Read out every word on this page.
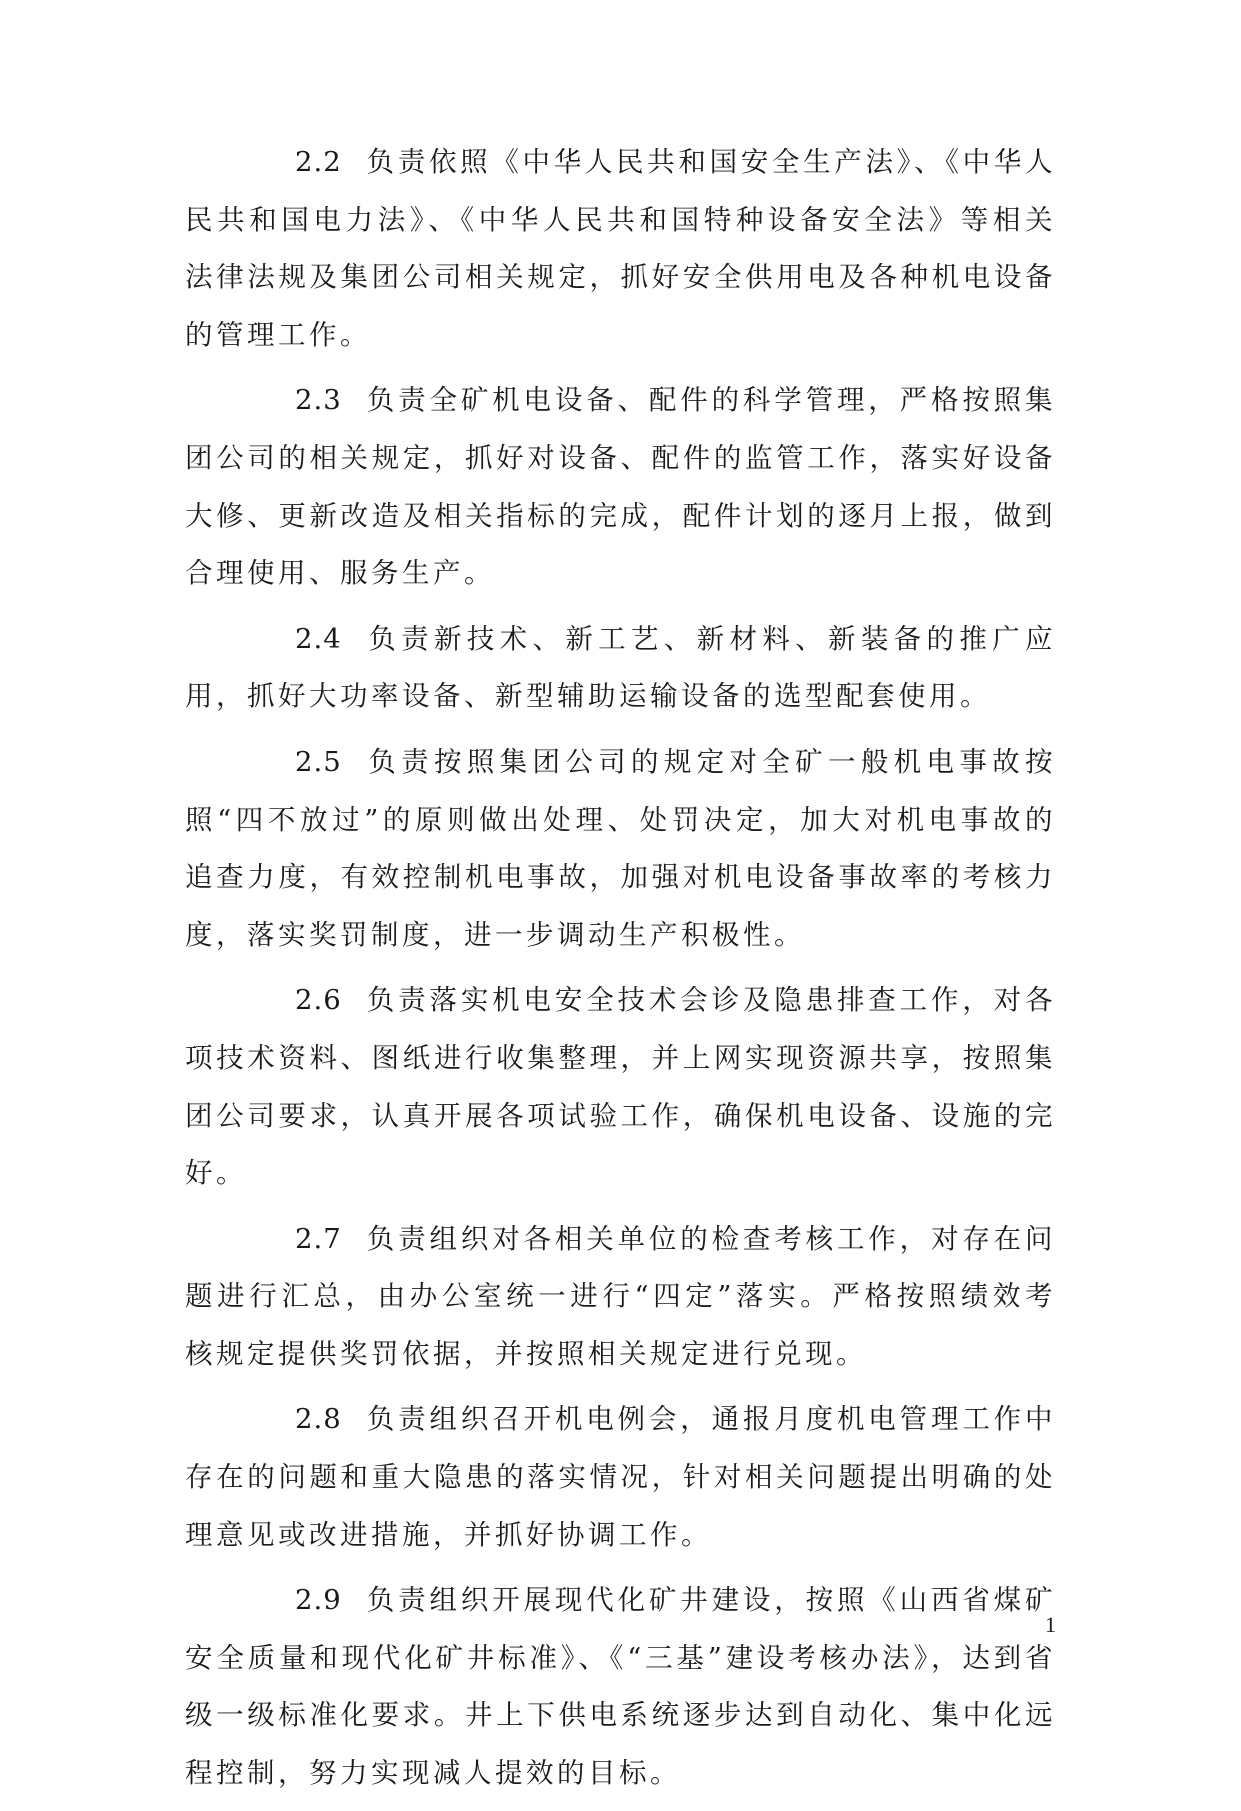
2.2 负责依照《中华人民共和国安全生产法》、《中华人民共和国电力法》、《中华人民共和国特种设备安全法》等相关法律法规及集团公司相关规定，抓好安全供用电及各种机电设备的管理工作。

2.3 负责全矿机电设备、配件的科学管理，严格按照集团公司的相关规定，抓好对设备、配件的监管工作，落实好设备大修、更新改造及相关指标的完成，配件计划的逐月上报，做到合理使用、服务生产。

2.4 负责新技术、新工艺、新材料、新装备的推广应用，抓好大功率设备、新型辅助运输设备的选型配套使用。

2.5 负责按照集团公司的规定对全矿一般机电事故按照“四不放过”的原则做出处理、处罚决定，加大对机电事故的追查力度，有效控制机电事故，加强对机电设备事故率的考核力度，落实奖罚制度，进一步调动生产积极性。

2.6 负责落实机电安全技术会诊及隐患排查工作，对各项技术资料、图纸进行收集整理，并上网实现资源共享，按照集团公司要求，认真开展各项试验工作，确保机电设备、设施的完好。

2.7 负责组织对各相关单位的检查考核工作，对存在问题进行汇总，由办公室统一进行“四定”落实。严格按照绩效考核规定提供奖罚依据，并按照相关规定进行兑现。

2.8 负责组织召开机电例会，通报月度机电管理工作中存在的问题和重大隐患的落实情况，针对相关问题提出明确的处理意见或改进措施，并抓好协调工作。

2.9 负责组织开展现代化矿井建设，按照《山西省煤矿安全质量和现代化矿井标准》、《“三基”建设考核办法》，达到省级一级标准化要求。井上下供电系统逐步达到自动化、集中化远程控制，努力实现减人提效的目标。

1
